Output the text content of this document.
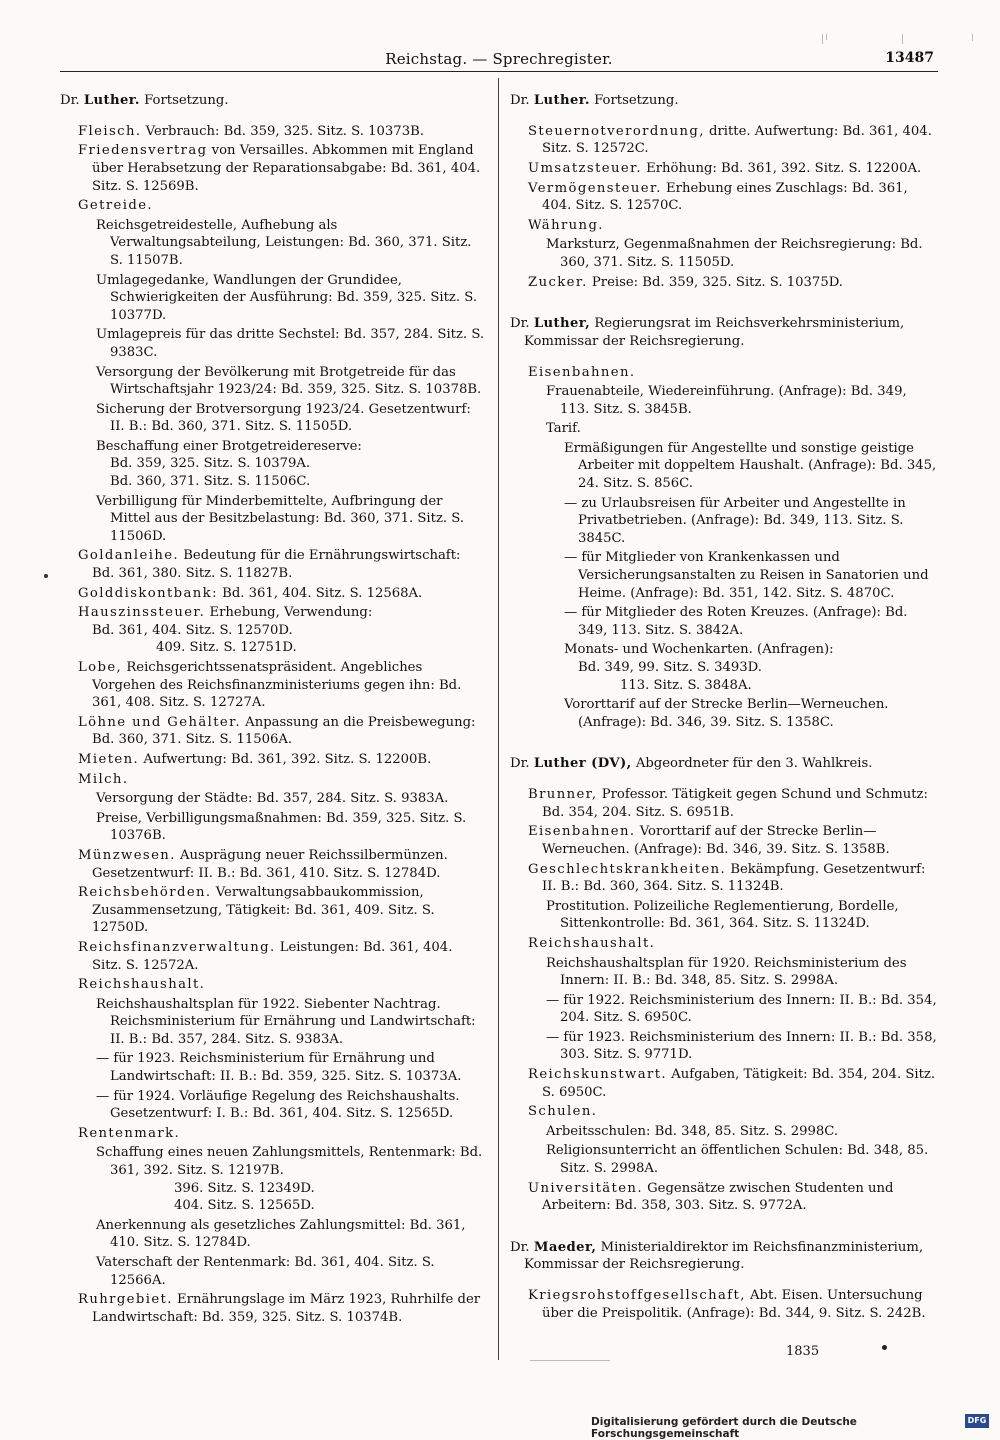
Reichstag. — Sprechregister.	13487

Dr. Luther. Fortsetzung.

Fleisch. Verbrauch: Bd. 359, 325. Sitz. S. 10373B.

Friedensvertrag von Versailles. Abkommen mit England über Herabsetzung der Reparationsabgabe: Bd. 361, 404. Sitz. S. 12569B.

Getreide.

Reichsgetreidestelle, Aufhebung als Verwaltungsabteilung, Leistungen: Bd. 360, 371. Sitz. S. 11507B.

Umlagegedanke, Wandlungen der Grundidee, Schwierigkeiten der Ausführung: Bd. 359, 325. Sitz. S. 10377D.

Umlagepreis für das dritte Sechstel: Bd. 357, 284. Sitz. S. 9383C.

Versorgung der Bevölkerung mit Brotgetreide für das Wirtschaftsjahr 1923/24: Bd. 359, 325. Sitz. S. 10378B.

Sicherung der Brotversorgung 1923/24. Gesetzentwurf: II. B.: Bd. 360, 371. Sitz. S. 11505D.

Beschaffung einer Brotgetreidereserve:

Bd. 359, 325. Sitz. S. 10379A.

Bd. 360, 371. Sitz. S. 11506C.

Verbilligung für Minderbemittelte, Aufbringung der Mittel aus der Besitzbelastung: Bd. 360, 371. Sitz. S. 11506D.

Goldanleihe. Bedeutung für die Ernährungswirtschaft: Bd. 361, 380. Sitz. S. 11827B.

Golddiskontbank: Bd. 361, 404. Sitz. S. 12568A.

Hauszinssteuer. Erhebung, Verwendung:

Bd. 361, 404. Sitz. S. 12570D.

409. Sitz. S. 12751D.

Lobe, Reichsgerichtssenatspräsident. Angebliches Vorgehen des Reichsfinanzministeriums gegen ihn: Bd. 361, 408. Sitz. S. 12727A.

Löhne und Gehälter. Anpassung an die Preisbewegung: Bd. 360, 371. Sitz. S. 11506A.

Mieten. Aufwertung: Bd. 361, 392. Sitz. S. 12200B.

Milch.

Versorgung der Städte: Bd. 357, 284. Sitz. S. 9383A.

Preise, Verbilligungsmaßnahmen: Bd. 359, 325. Sitz. S. 10376B.

Münzwesen. Ausprägung neuer Reichssilbermünzen. Gesetzentwurf: II. B.: Bd. 361, 410. Sitz. S. 12784D.

Reichsbehörden. Verwaltungsabbaukommission, Zusammensetzung, Tätigkeit: Bd. 361, 409. Sitz. S. 12750D.

Reichsfinanzverwaltung. Leistungen: Bd. 361, 404. Sitz. S. 12572A.

Reichshaushalt.

Reichshaushaltsplan für 1922. Siebenter Nachtrag. Reichsministerium für Ernährung und Landwirtschaft: II. B.: Bd. 357, 284. Sitz. S. 9383A.

— für 1923. Reichsministerium für Ernährung und Landwirtschaft: II. B.: Bd. 359, 325. Sitz. S. 10373A.

— für 1924. Vorläufige Regelung des Reichshaushalts. Gesetzentwurf: I. B.: Bd. 361, 404. Sitz. S. 12565D.

Rentenmark.

Schaffung eines neuen Zahlungsmittels, Rentenmark: Bd. 361, 392. Sitz. S. 12197B.

396. Sitz. S. 12349D.

404. Sitz. S. 12565D.

Anerkennung als gesetzliches Zahlungsmittel: Bd. 361, 410. Sitz. S. 12784D.

Vaterschaft der Rentenmark: Bd. 361, 404. Sitz. S. 12566A.

Ruhrgebiet. Ernährungslage im März 1923, Ruhrhilfe der Landwirtschaft: Bd. 359, 325. Sitz. S. 10374B.

Dr. Luther. Fortsetzung.

Steuernotverordnung, dritte. Aufwertung: Bd. 361, 404. Sitz. S. 12572C.

Umsatzsteuer. Erhöhung: Bd. 361, 392. Sitz. S. 12200A.

Vermögensteuer. Erhebung eines Zuschlags: Bd. 361, 404. Sitz. S. 12570C.

Währung.

Marksturz, Gegenmaßnahmen der Reichsregierung: Bd. 360, 371. Sitz. S. 11505D.

Zucker. Preise: Bd. 359, 325. Sitz. S. 10375D.

Dr. Luther, Regierungsrat im Reichsverkehrsministerium, Kommissar der Reichsregierung.

Eisenbahnen.

Frauenabteile, Wiedereinführung. (Anfrage): Bd. 349, 113. Sitz. S. 3845B.

Tarif.

Ermäßigungen für Angestellte und sonstige geistige Arbeiter mit doppeltem Haushalt. (Anfrage): Bd. 345, 24. Sitz. S. 856C.

— zu Urlaubsreisen für Arbeiter und Angestellte in Privatbetrieben. (Anfrage): Bd. 349, 113. Sitz. S. 3845C.

— für Mitglieder von Krankenkassen und Versicherungsanstalten zu Reisen in Sanatorien und Heime. (Anfrage): Bd. 351, 142. Sitz. S. 4870C.

— für Mitglieder des Roten Kreuzes. (Anfrage): Bd. 349, 113. Sitz. S. 3842A.

Monats- und Wochenkarten. (Anfragen):

Bd. 349, 99. Sitz. S. 3493D.

113. Sitz. S. 3848A.

Vororttarif auf der Strecke Berlin—Werneuchen. (Anfrage): Bd. 346, 39. Sitz. S. 1358C.

Dr. Luther (DV), Abgeordneter für den 3. Wahlkreis.

Brunner, Professor. Tätigkeit gegen Schund und Schmutz: Bd. 354, 204. Sitz. S. 6951B.

Eisenbahnen. Vororttarif auf der Strecke Berlin—Werneuchen. (Anfrage): Bd. 346, 39. Sitz. S. 1358B.

Geschlechtskrankheiten. Bekämpfung. Gesetzentwurf: II. B.: Bd. 360, 364. Sitz. S. 11324B.

Prostitution. Polizeiliche Reglementierung, Bordelle, Sittenkontrolle: Bd. 361, 364. Sitz. S. 11324D.

Reichshaushalt.

Reichshaushaltsplan für 1920. Reichsministerium des Innern: II. B.: Bd. 348, 85. Sitz. S. 2998A.

— für 1922. Reichsministerium des Innern: II. B.: Bd. 354, 204. Sitz. S. 6950C.

— für 1923. Reichsministerium des Innern: II. B.: Bd. 358, 303. Sitz. S. 9771D.

Reichskunstwart. Aufgaben, Tätigkeit: Bd. 354, 204. Sitz. S. 6950C.

Schulen.

Arbeitsschulen: Bd. 348, 85. Sitz. S. 2998C.

Religionsunterricht an öffentlichen Schulen: Bd. 348, 85. Sitz. S. 2998A.

Universitäten. Gegensätze zwischen Studenten und Arbeitern: Bd. 358, 303. Sitz. S. 9772A.

Dr. Maeder, Ministerialdirektor im Reichsfinanzministerium, Kommissar der Reichsregierung.

Kriegsrohstoffgesellschaft, Abt. Eisen. Untersuchung über die Preispolitik. (Anfrage): Bd. 344, 9. Sitz. S. 242B.

1835
Digitalisierung gefördert durch die Deutsche Forschungsgemeinschaft
DFG
